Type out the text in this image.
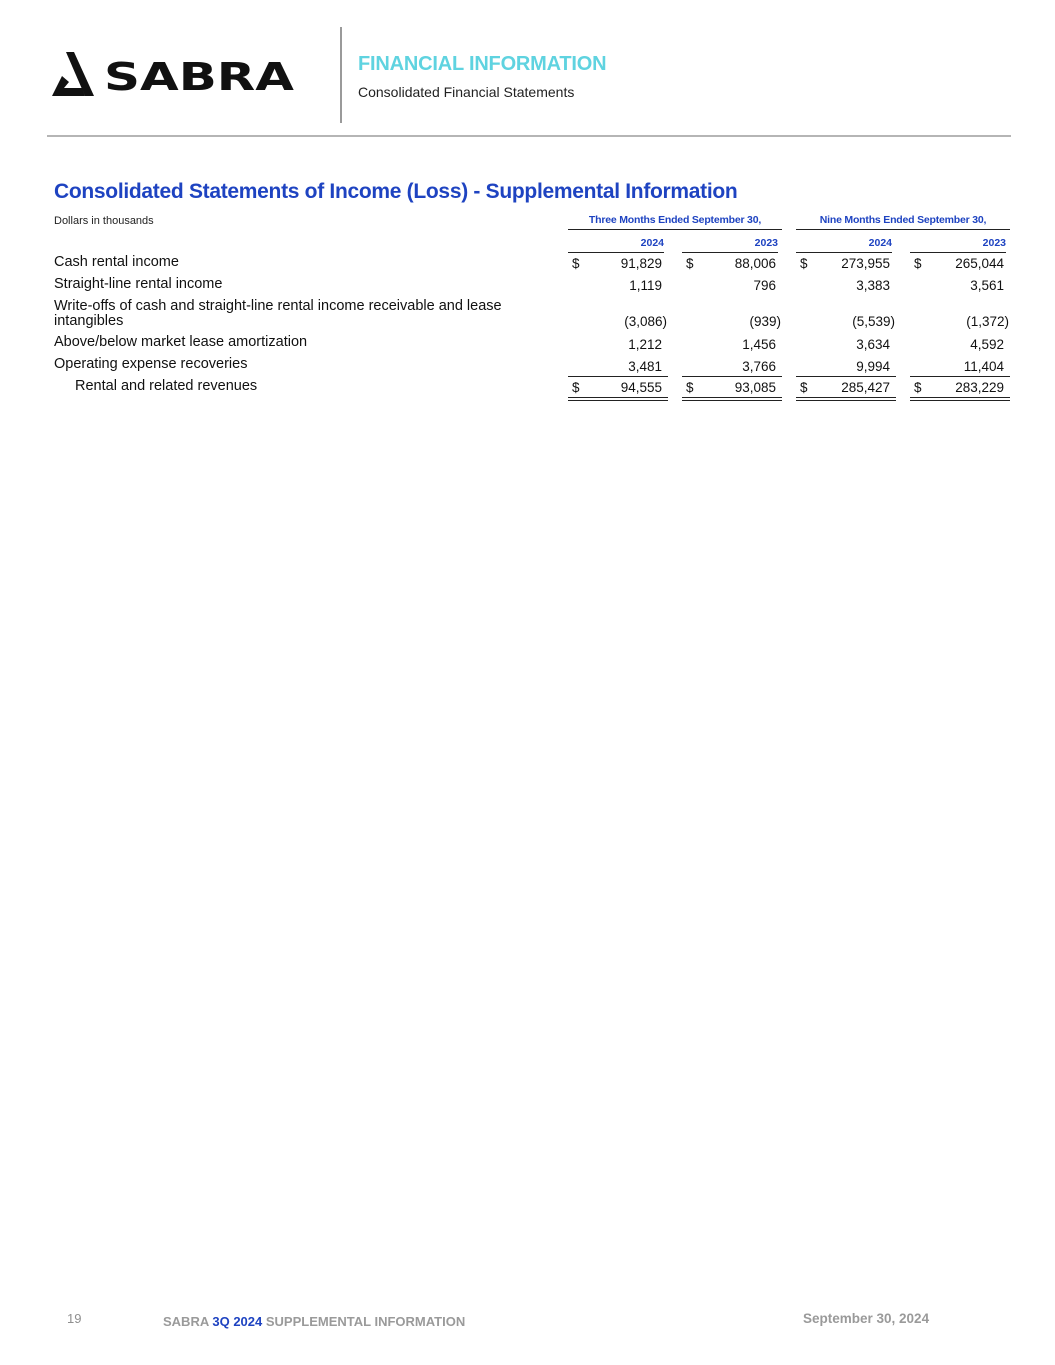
SABRA	FINANCIAL INFORMATION
Consolidated Financial Statements
Consolidated Statements of Income (Loss) - Supplemental Information
Dollars in thousands	Three Months Ended September 30,	Nine Months Ended September 30,
2024	2023	2024	2023
Cash rental income	$	91,829 $	88,006 $ 273,955 $ 265,044
Straight-line rental income	1,119	796	3,383	3,561
Write-offs of cash and straight-line rental income receivable and lease
intangibles	(3,086)	(939)	(5,539)	(1,372)
Above/below market lease amortization	1,212	1,456	3,634	4,592
Operating expense recoveries	3,481	3,766	9,994	11,404
Rental and related revenues	$	94,555 $	93,085 $ 285,427 $ 283,229
19	SABRA 3Q 2024 SUPPLEMENTAL INFORMATION	September 30, 2024
